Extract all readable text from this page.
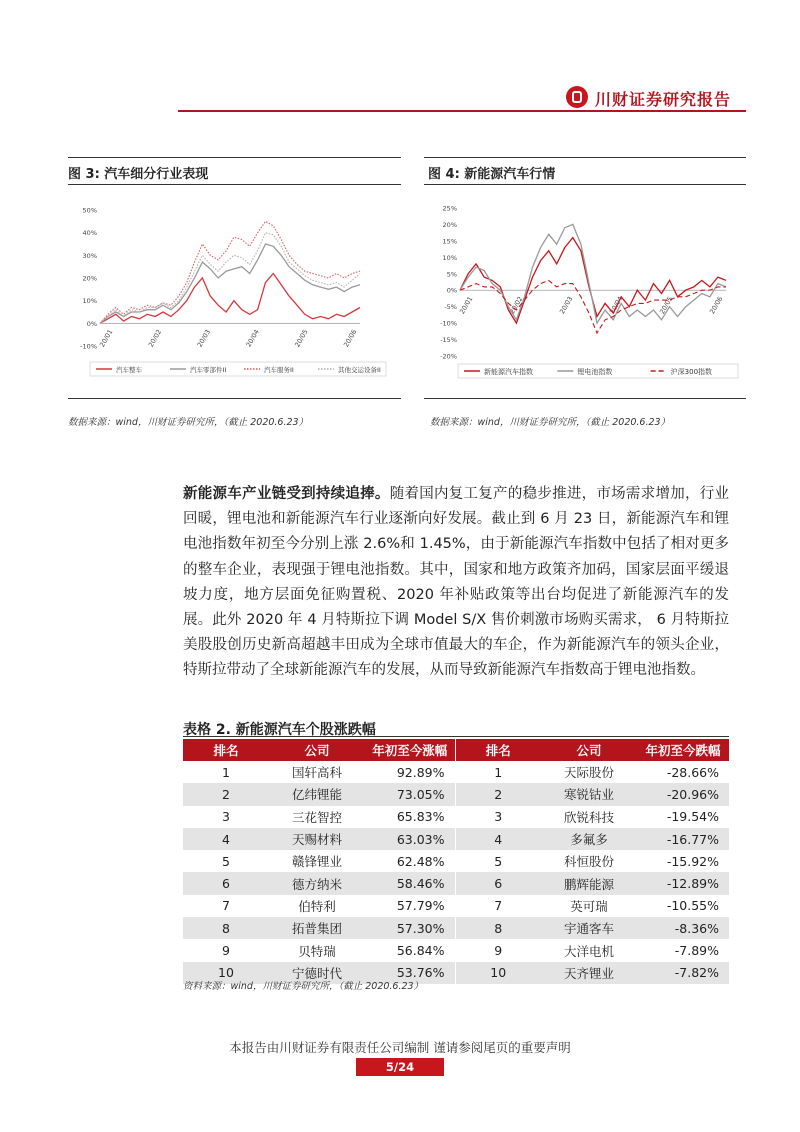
川财证券研究报告
图 3: 汽车细分行业表现
50%
40%
30%
20%
10%
0%
-10% 20/01	20/02	20/03	20/04	20/05	20/06
汽车整车	汽车零部件II	汽车服务II	其他交运设备II
数据来源：wind，川财证券研究所，（截止 2020.6.23）
图 4: 新能源汽车行情
25%
20%
15%
10%
5%
0%
-5%
-10%
-15%
-20%
20/01	20/02	20/03	20/04	20/05	20/06
新能源汽车指数	锂电池指数	沪深300指数
数据来源：wind，川财证券研究所，（截止 2020.6.23）
新能源车产业链受到持续追捧。随着国内复工复产的稳步推进，市场需求增加，行业回暖，锂电池和新能源汽车行业逐渐向好发展。截止到 6 月 23 日，新能源汽车和锂电池指数年初至今分别上涨 2.6%和 1.45%，由于新能源汽车指数中包括了相对更多的整车企业，表现强于锂电池指数。其中，国家和地方政策齐加码，国家层面平缓退坡力度，地方层面免征购置税、2020 年补贴政策等出台均促进了新能源汽车的发展。此外 2020 年 4 月特斯拉下调 Model S/X 售价刺激市场购买需求， 6 月特斯拉美股股创历史新高超越丰田成为全球市值最大的车企，作为新能源汽车的领头企业，特斯拉带动了全球新能源汽车的发展，从而导致新能源汽车指数高于锂电池指数。
表格 2. 新能源汽车个股涨跌幅
排名	公司	年初至今涨幅	排名	公司	年初至今跌幅
1	国轩高科	92.89%	1	天际股份	-28.66%
2	亿纬锂能	73.05%	2	寒锐钴业	-20.96%
3	三花智控	65.83%	3	欣锐科技	-19.54%
4	天赐材料	63.03%	4	多氟多	-16.77%
5	赣锋锂业	62.48%	5	科恒股份	-15.92%
6	德方纳米	58.46%	6	鹏辉能源	-12.89%
7	伯特利	57.79%	7	英可瑞	-10.55%
8	拓普集团	57.30%	8	宇通客车	-8.36%
9	贝特瑞	56.84%	9	大洋电机	-7.89%
10	宁德时代	53.76%	10	天齐锂业	-7.82%
资料来源：wind，川财证券研究所，（截止 2020.6.23）
本报告由川财证券有限责任公司编制 谨请参阅尾页的重要声明
5/24
